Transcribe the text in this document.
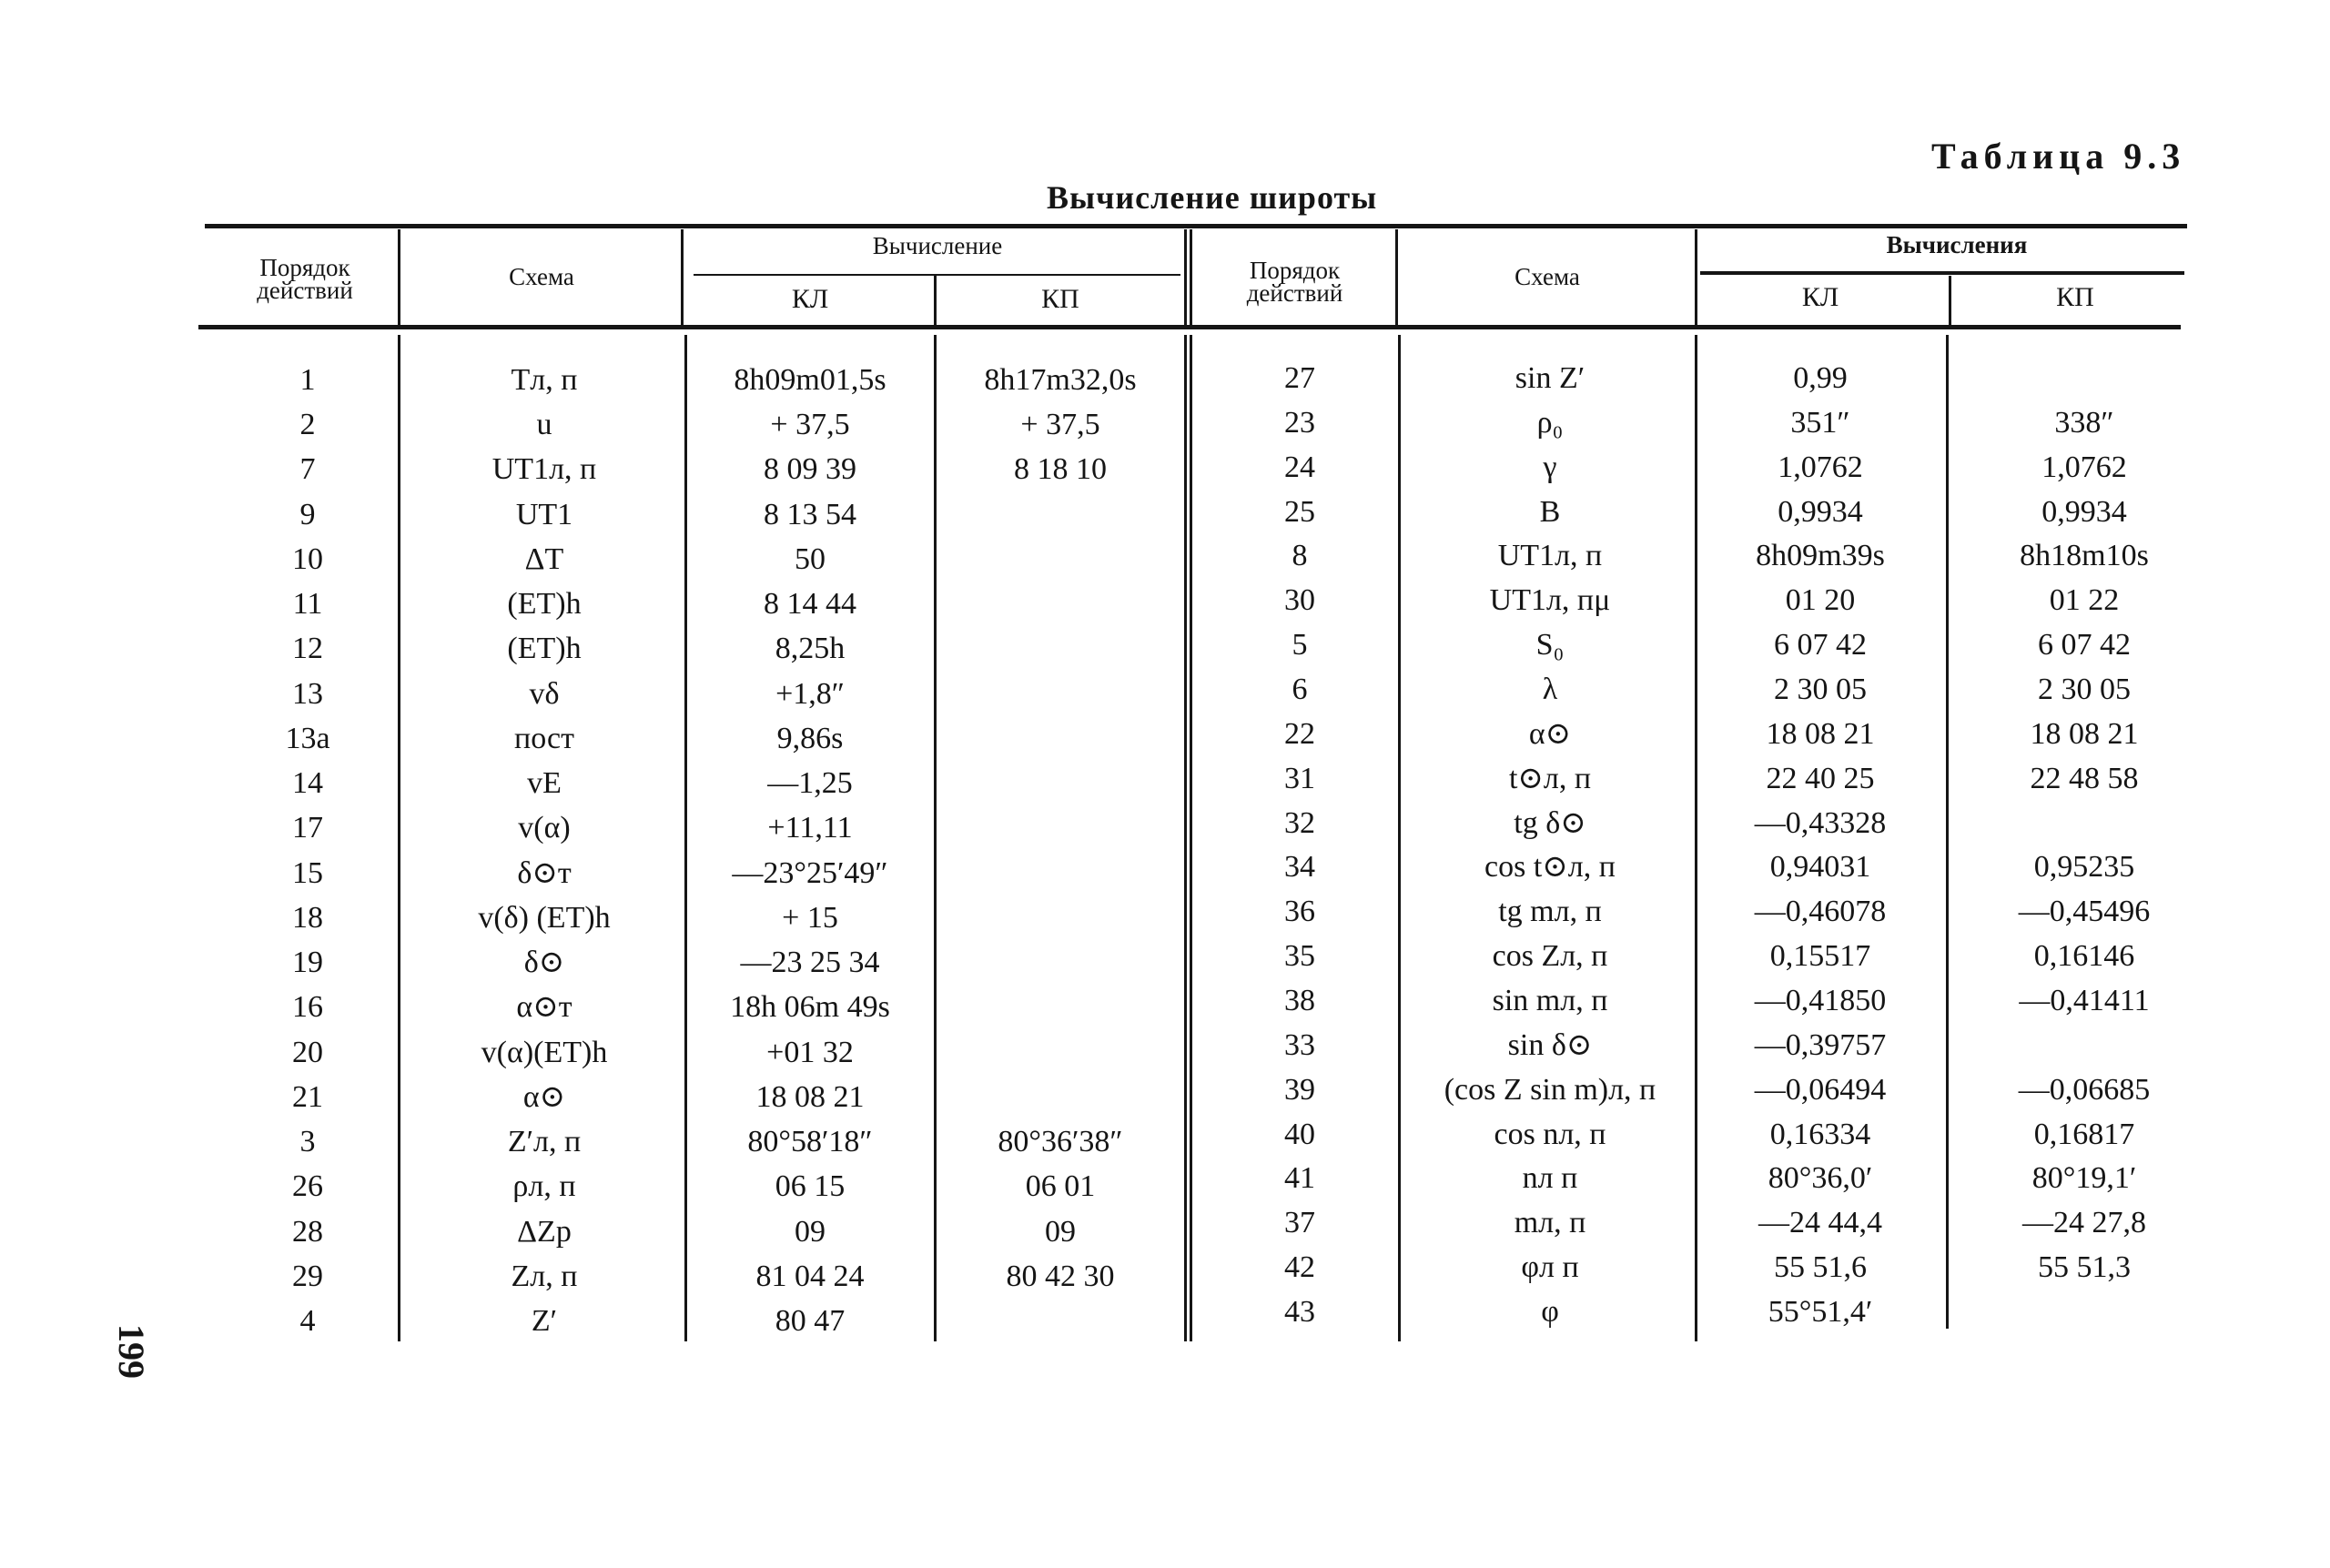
Таблица 9.3
Вычисление широты
Порядок действий	Схема
Вычисление
КЛ	КП
Порядок действий
Схема
Вычисления
КЛ	КП
1	Tл, п	8h09m01,5s	8h17m32,0s
2	u	+ 37,5	+ 37,5
7	UT1л, п	8 09 39	8 18 10
9	UT1	8 13 54
10	ΔT	50
11	(ET)h	8 14 44
12	(ET)h	8,25h
13	vδ	+1,8″
13a	пост	9,86s
14	vE	—1,25
17	v(α)	+11,11
15	δ⊙т	—23°25′49″
18	v(δ) (ET)h	+ 15
19	δ⊙	—23 25 34
16	α⊙т	18h 06m 49s
20	v(α)(ET)h	+01 32
21	α⊙	18 08 21
3	Z′л, п	80°58′18″	80°36′38″
26	ρл, п	06 15	06 01
28	ΔZр	09	09
29	Zл, п	81 04 24	80 42 30
4	Z′	80 47
27	sin Z′	0,99
23	ρ₀	351″	338″
24	γ	1,0762	1,0762
25	B	0,9934	0,9934
8	UT1л, п	8h09m39s	8h18m10s
30	UT1л, пμ	01 20	01 22
5	S₀	6 07 42	6 07 42
6	λ	2 30 05	2 30 05
22	α⊙	18 08 21	18 08 21
31	t⊙л, п	22 40 25	22 48 58
32	tg δ⊙	—0,43328
34	cos t⊙л, п	0,94031	0,95235
36	tg mл, п	—0,46078	—0,45496
35	cos Zл, п	0,15517	0,16146
38	sin mл, п	—0,41850	—0,41411
33	sin δ⊙	—0,39757
39	(cos Z sin m)л, п	—0,06494	—0,06685
40	cos nл, п	0,16334	0,16817
41	nл п	80°36,0′	80°19,1′
37	mл, п	—24 44,4	—24 27,8
42	φл п	55 51,6	55 51,3
43	φ	55°51,4′
199
